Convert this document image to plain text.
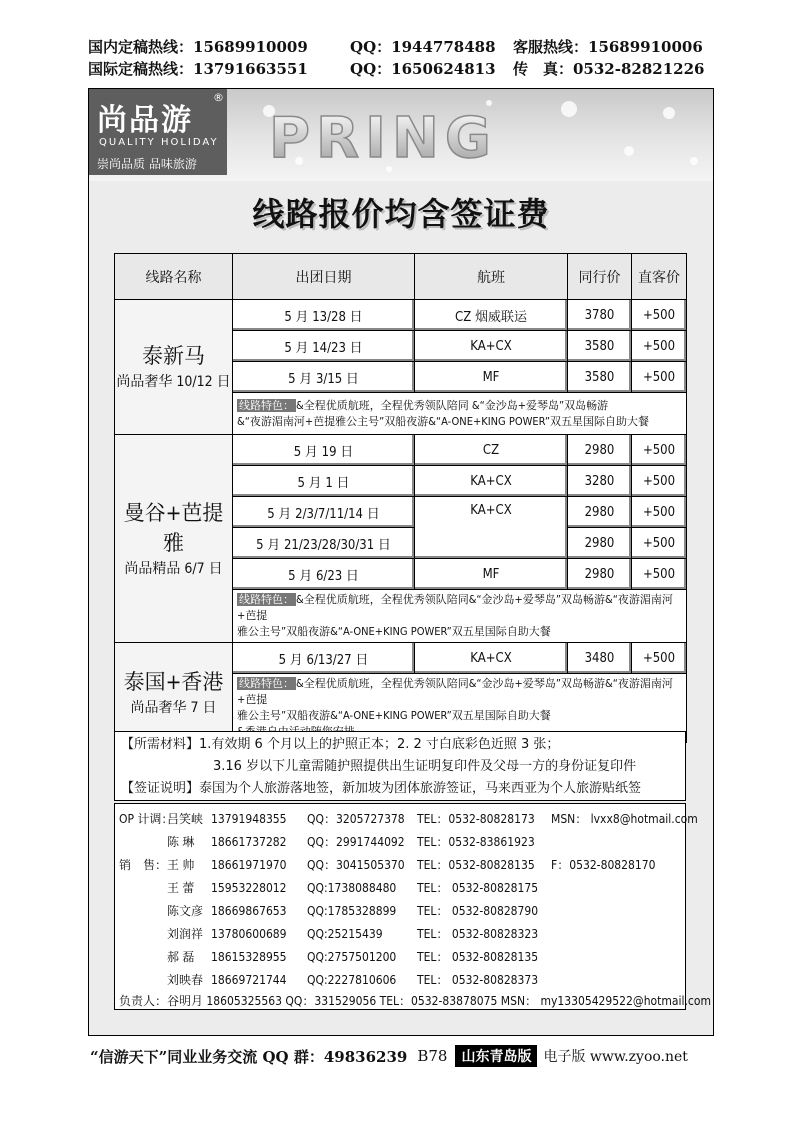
国内定稿热线：15689910009	QQ：1944778488	客服热线：15689910006
国际定稿热线：13791663551	QQ：1650624813	传　真：0532-82821226
尚品游
®
QUALITY HOLIDAY
崇尚品质 品味旅游 PRING
线路报价均含签证费
线路名称	出团日期	航班	同行价	直客价

泰新马
尚品奢华 10/12 日	5 月 13/28 日	CZ 烟威联运	3780	+500
	5 月 14/23 日	KA+CX	3580	+500
	5 月 3/15 日	MF	3580	+500
	线路特色： &全程优质航班，全程优秀领队陪同 &“金沙岛+爱琴岛”双岛畅游
&“夜游湄南河+芭提雅公主号”双船夜游&“A-ONE+KING POWER”双五星国际自助大餐			

曼谷+芭提雅
尚品精品 6/7 日	5 月 19 日	CZ	2980	+500
	5 月 1 日	KA+CX	3280	+500
	5 月 2/3/7/11/14 日	KA+CX	2980	+500
	5 月 21/23/28/30/31 日		2980	+500
	5 月 6/23 日	MF	2980	+500
	线路特色： &全程优质航班，全程优秀领队陪同&“金沙岛+爱琴岛”双岛畅游&“夜游湄南河+芭提
雅公主号”双船夜游&“A-ONE+KING POWER”双五星国际自助大餐			

泰国+香港
尚品奢华 7 日	5 月 6/13/27 日	KA+CX	3480	+500
	线路特色： &全程优质航班，全程优秀领队陪同&“金沙岛+爱琴岛”双岛畅游&“夜游湄南河+芭提
雅公主号”双船夜游&“A-ONE+KING POWER”双五星国际自助大餐			

【所需材料】1.有效期 6 个月以上的护照正本；2. 2 寸白底彩色近照 3 张；
3.16 岁以下儿童需随护照提供出生证明复印件及父母一方的身份证复印件
【签证说明】泰国为个人旅游落地签，新加坡为团体旅游签证，马来西亚为个人旅游贴纸签
OP 计调：吕笑峡 13791948355 QQ：3205727378 TEL：0532-80828173 MSN： lvxx8@hotmail.com
陈 琳 18661737282 QQ：2991744092 TEL：0532-83861923
销　售：王 帅 18661971970 QQ：3041505370 TEL：0532-80828135 F：0532-80828170
王 蕾 15953228012 QQ:1738088480 TEL： 0532-80828175
陈文彦 18669867653 QQ:1785328899 TEL： 0532-80828790
刘润祥 13780600689 QQ:25215439	TEL： 0532-80828323
郝 磊 18615328955 QQ:2757501200 TEL： 0532-80828135
刘映春 18669721744 QQ:2227810606 TEL： 0532-80828373
负责人：谷明月 18605325563 QQ：331529056 TEL：0532-83878075 MSN： my13305429522@hotmail.com
“信游天下”同业业务交流 QQ 群：49836239 B78	山东青岛版 电子版 www.zyoo.net
